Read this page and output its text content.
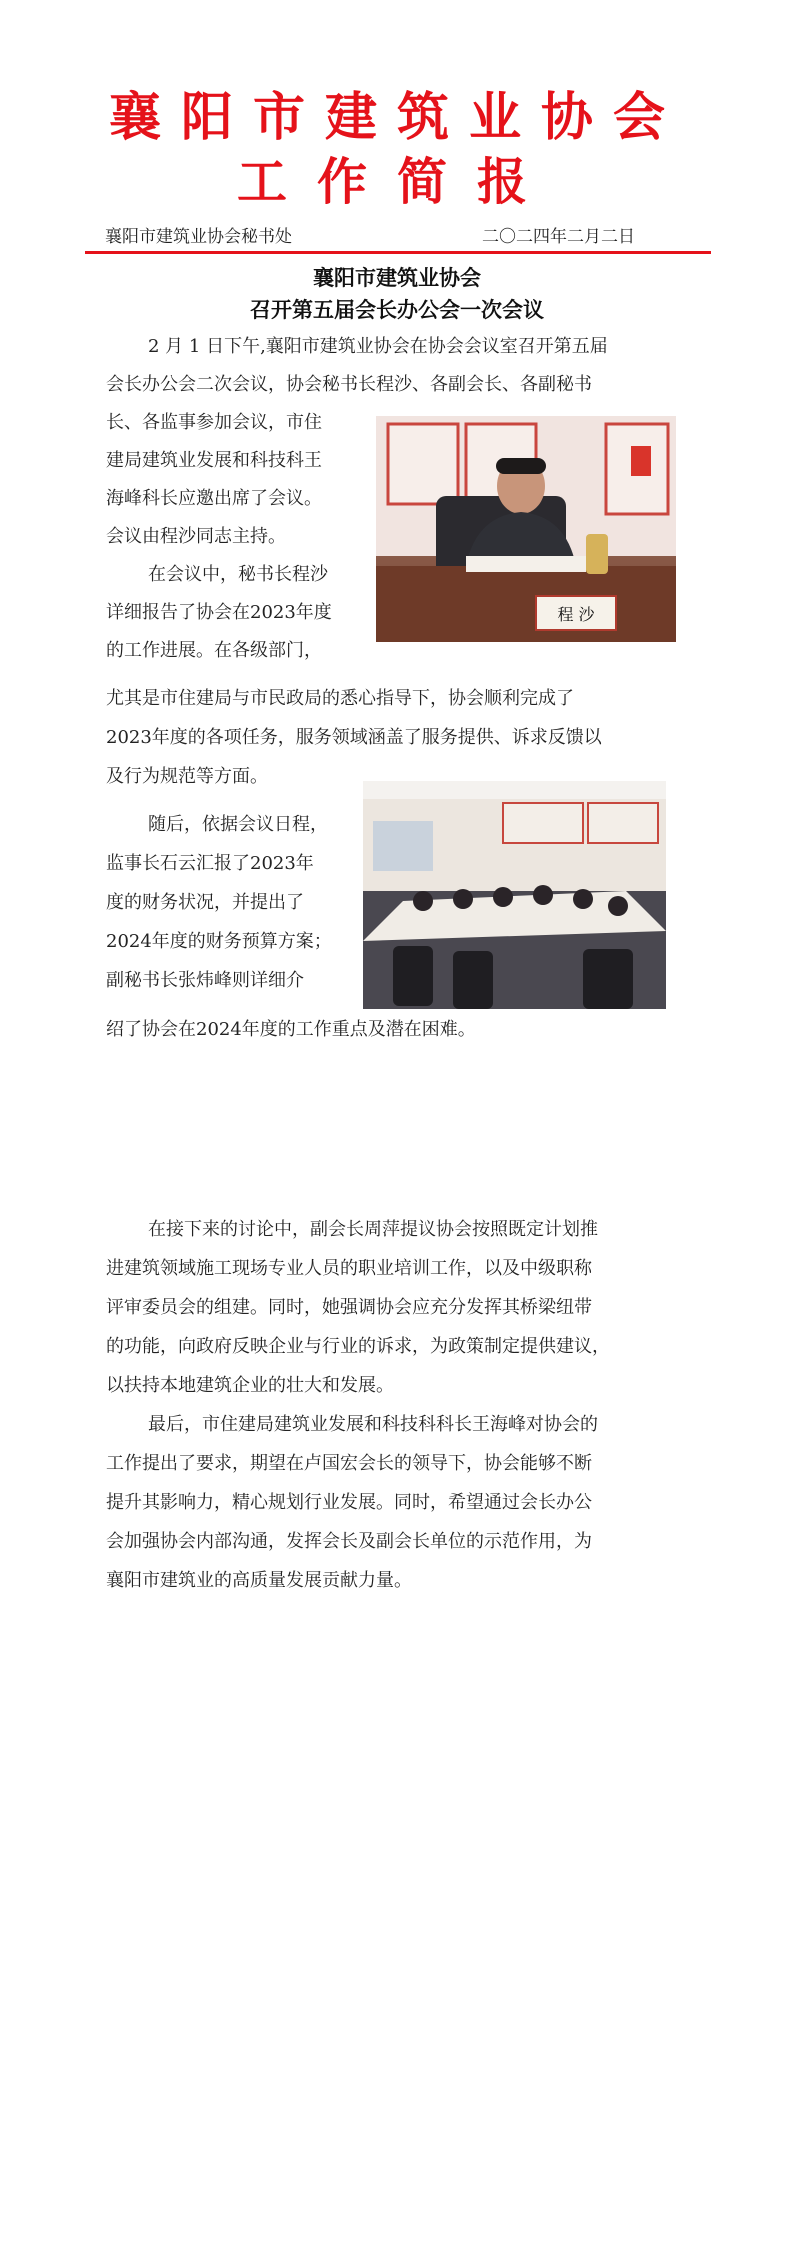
襄阳市建筑业协会
工作简报
襄阳市建筑业协会秘书处	二〇二四年二月二日
襄阳市建筑业协会
召开第五届会长办公会一次会议
2 月 1 日下午,襄阳市建筑业协会在协会会议室召开第五届
会长办公会二次会议，协会秘书长程沙、各副会长、各副秘书
长、各监事参加会议，市住
建局建筑业发展和科技科王
海峰科长应邀出席了会议。
会议由程沙同志主持。
在会议中，秘书长程沙
详细报告了协会在2023年度
的工作进展。在各级部门，
尤其是市住建局与市民政局的悉心指导下，协会顺利完成了
2023年度的各项任务，服务领域涵盖了服务提供、诉求反馈以
及行为规范等方面。
随后，依据会议日程，
监事长石云汇报了2023年
度的财务状况，并提出了
2024年度的财务预算方案；
副秘书长张炜峰则详细介
绍了协会在2024年度的工作重点及潜在困难。
在接下来的讨论中，副会长周萍提议协会按照既定计划推
进建筑领域施工现场专业人员的职业培训工作，以及中级职称
评审委员会的组建。同时，她强调协会应充分发挥其桥梁纽带
的功能，向政府反映企业与行业的诉求，为政策制定提供建议，
以扶持本地建筑企业的壮大和发展。
最后，市住建局建筑业发展和科技科科长王海峰对协会的
工作提出了要求，期望在卢国宏会长的领导下，协会能够不断
提升其影响力，精心规划行业发展。同时，希望通过会长办公
会加强协会内部沟通，发挥会长及副会长单位的示范作用，为
襄阳市建筑业的高质量发展贡献力量。
程 沙
